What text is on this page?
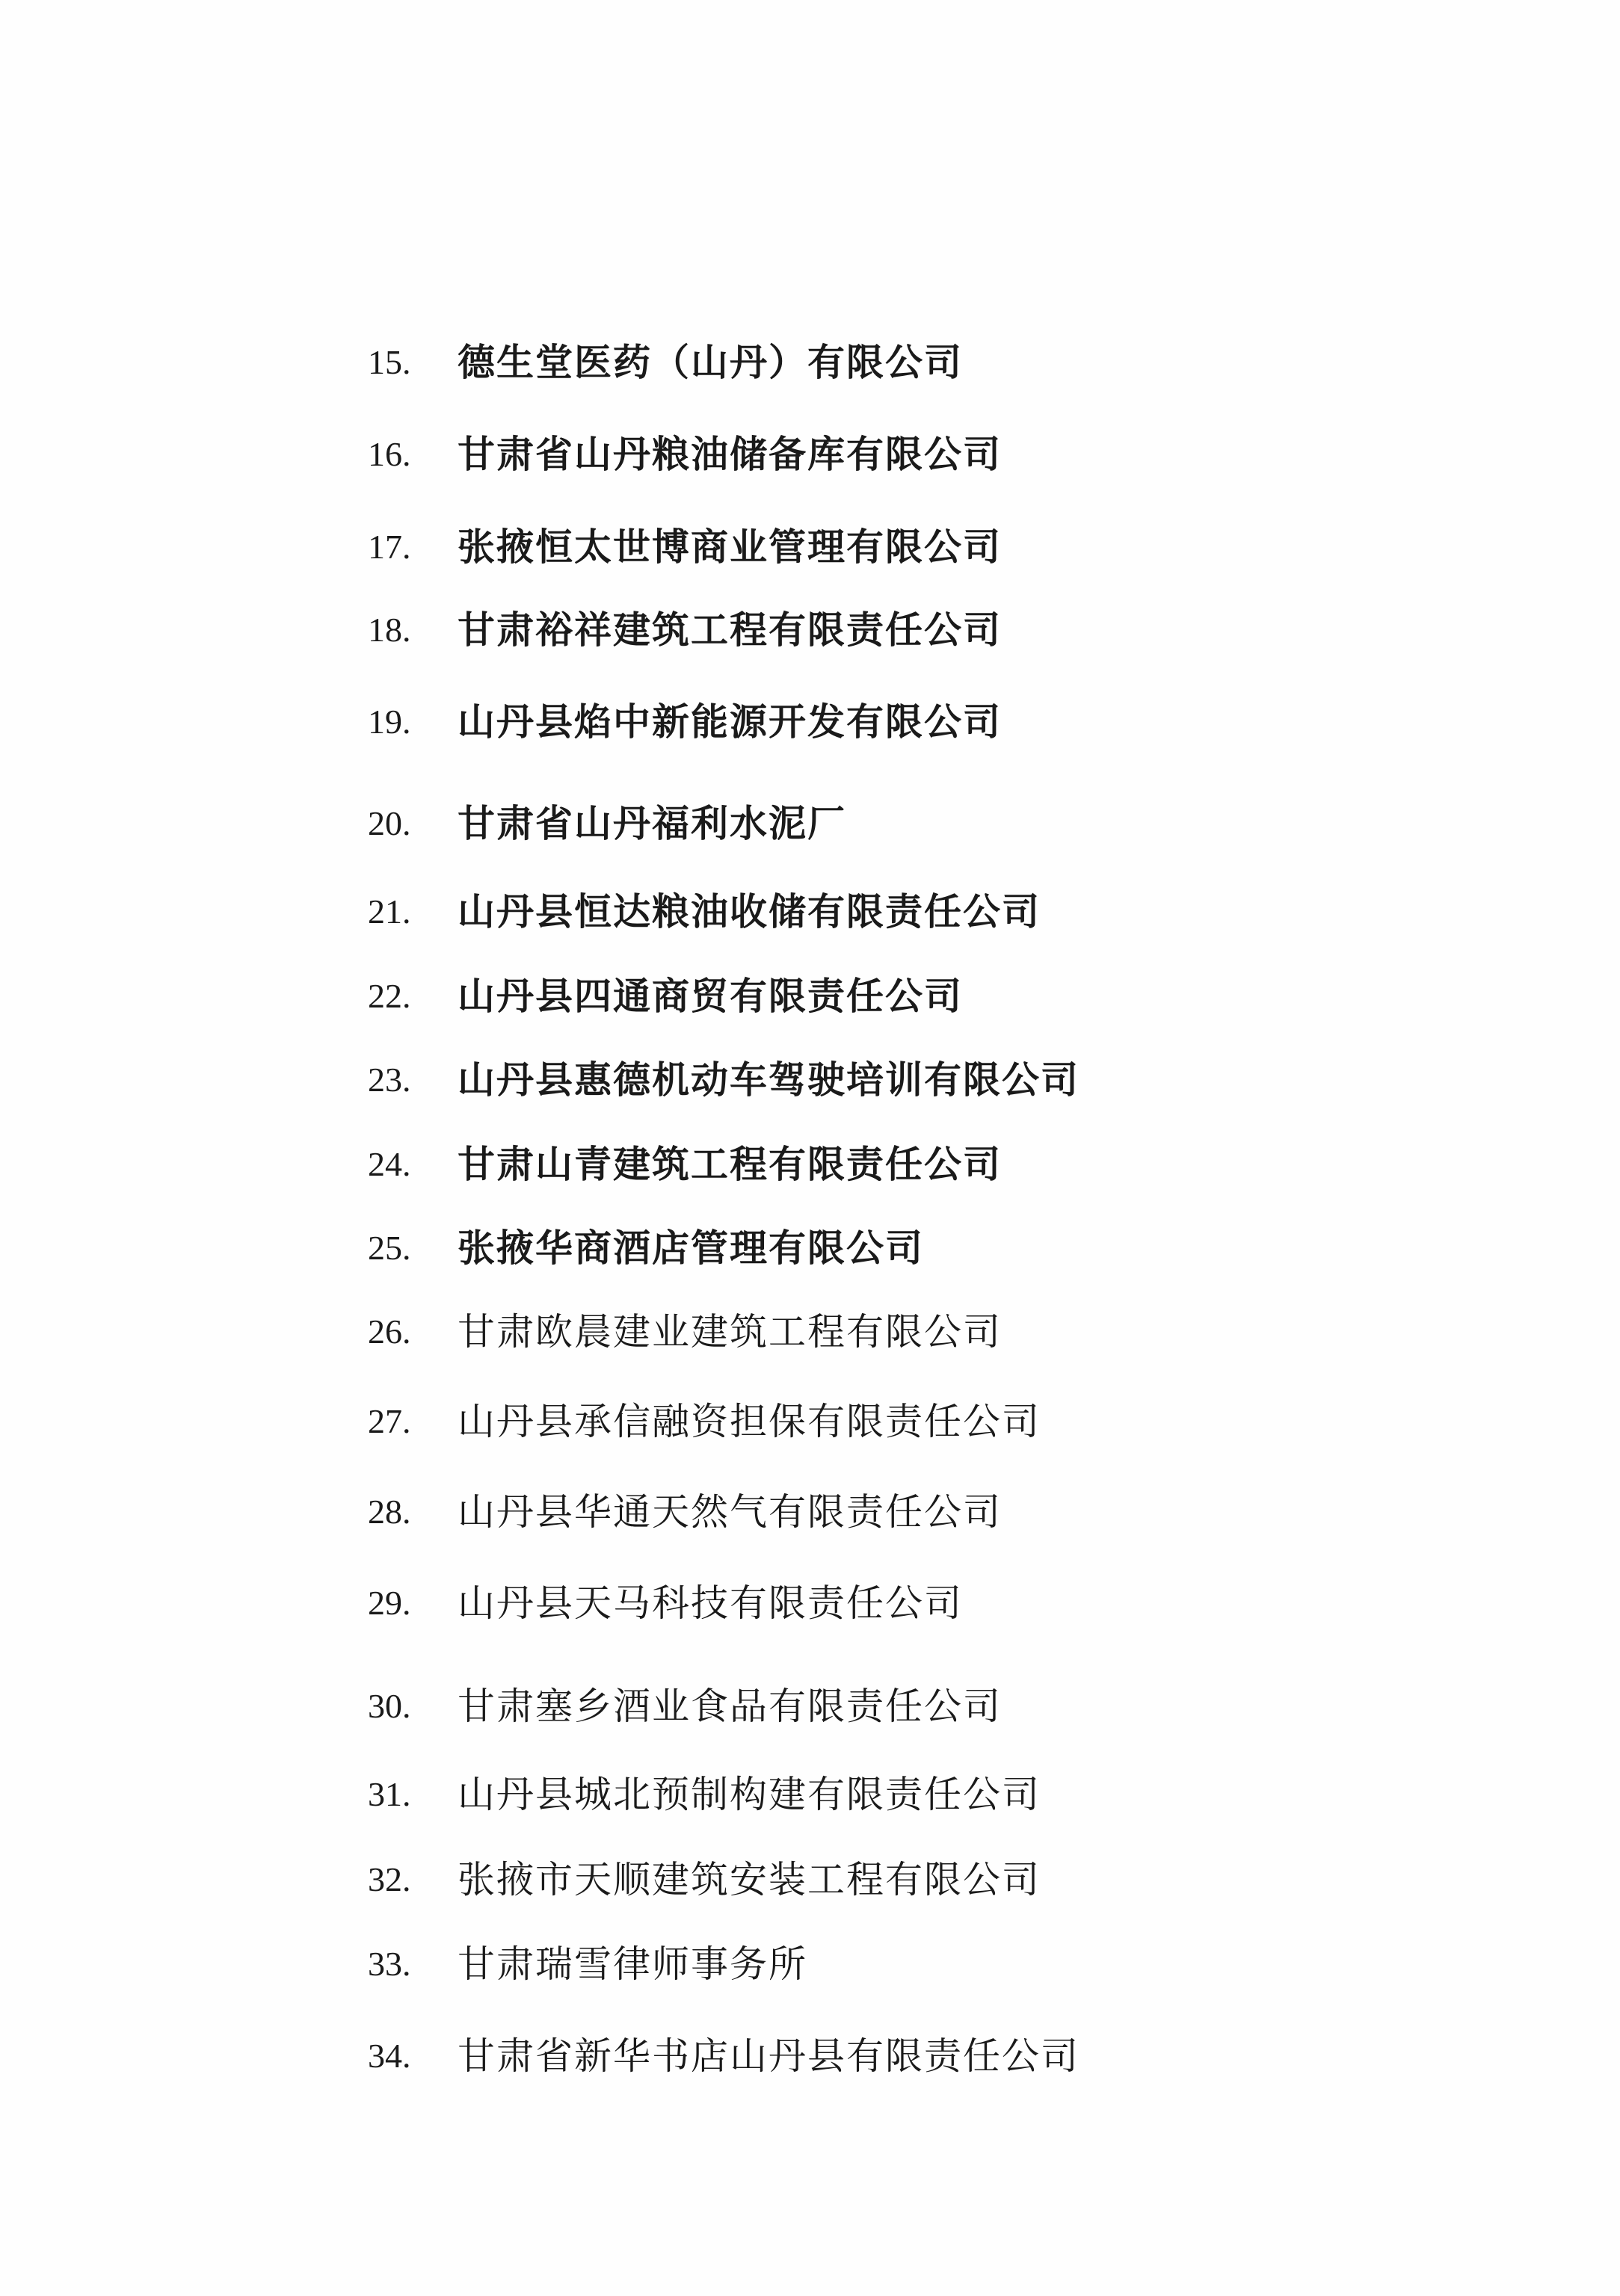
15. 德生堂医药（山丹）有限公司
16. 甘肃省山丹粮油储备库有限公司
17. 张掖恒太世博商业管理有限公司
18. 甘肃裕祥建筑工程有限责任公司
19. 山丹县焰中新能源开发有限公司
20. 甘肃省山丹福利水泥厂
21. 山丹县恒达粮油收储有限责任公司
22. 山丹县四通商贸有限责任公司
23. 山丹县惠德机动车驾驶培训有限公司
24. 甘肃山青建筑工程有限责任公司
25. 张掖华商酒店管理有限公司
26. 甘肃欧晨建业建筑工程有限公司
27. 山丹县承信融资担保有限责任公司
28. 山丹县华通天然气有限责任公司
29. 山丹县天马科技有限责任公司
30. 甘肃塞乡酒业食品有限责任公司
31. 山丹县城北预制构建有限责任公司
32. 张掖市天顺建筑安装工程有限公司
33. 甘肃瑞雪律师事务所
34. 甘肃省新华书店山丹县有限责任公司
